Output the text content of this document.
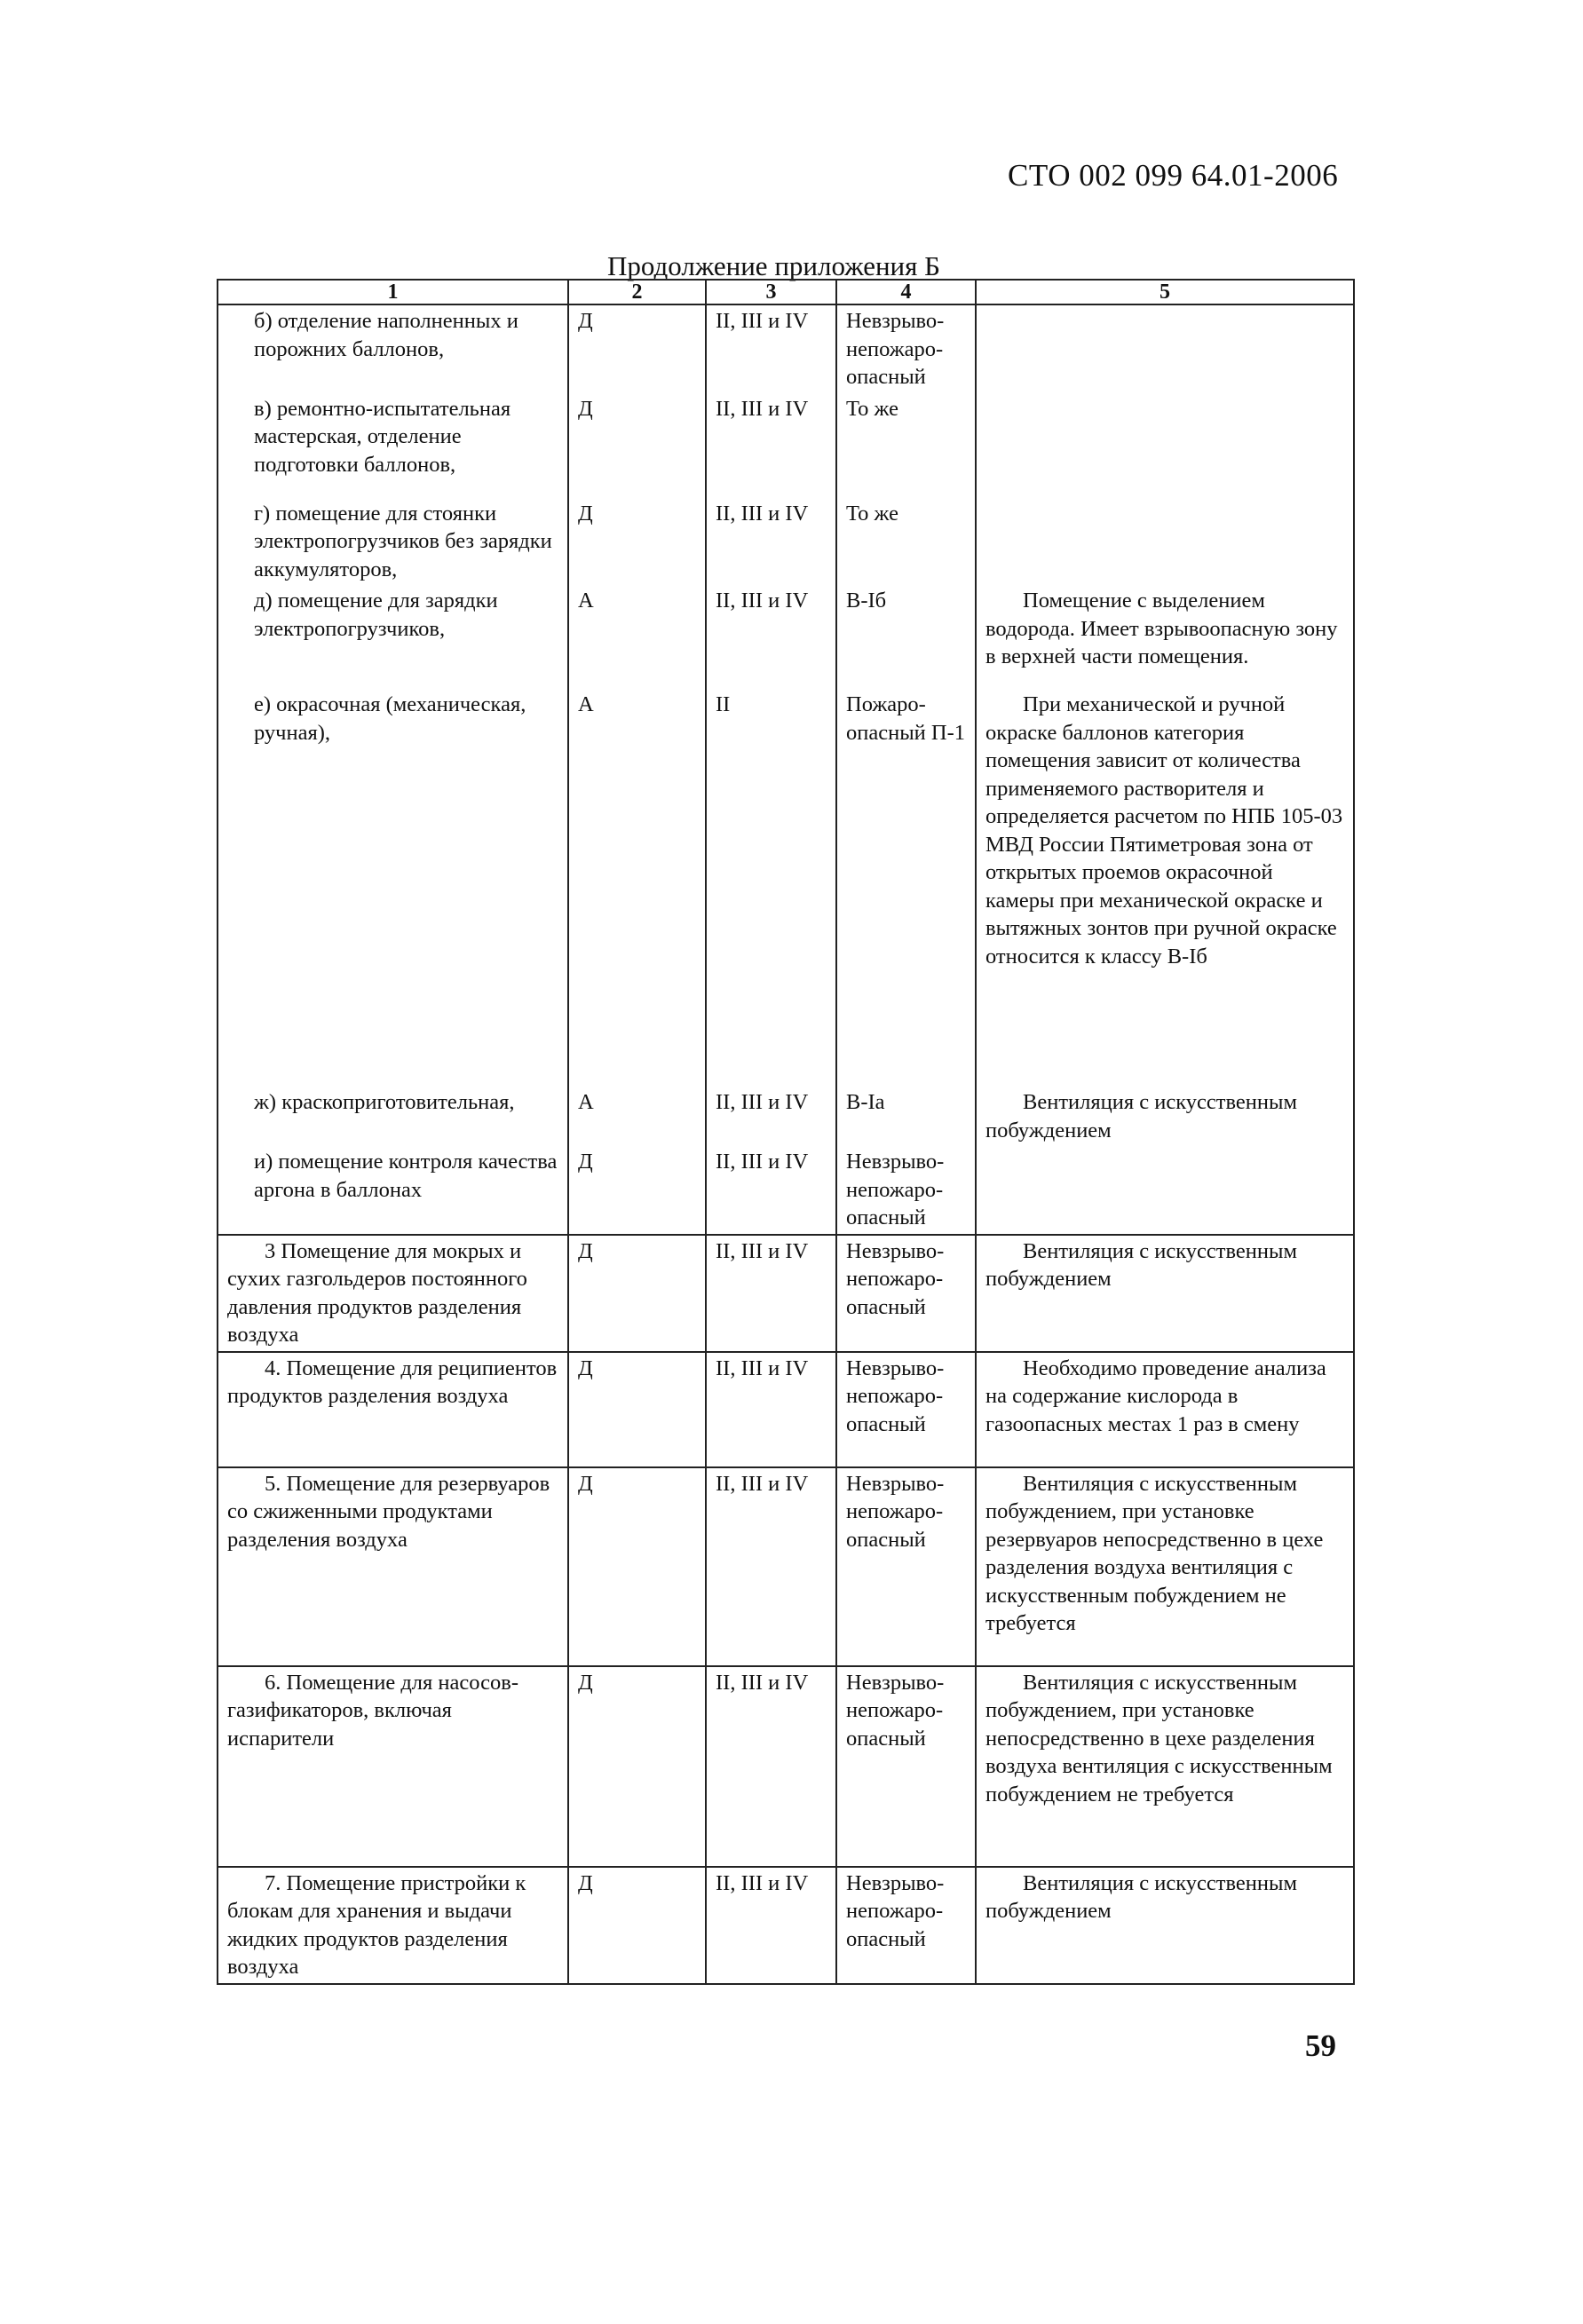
СТО 002 099 64.01-2006
Продолжение приложения Б
1	2	3	4	5
б) отделение наполненных и порожних баллонов,	Д	II, III и IV	Невзрыво-непожаро-опасный	
в) ремонтно-испытательная мастерская, отделение подготовки баллонов,	Д	II, III и IV	То же	
г) помещение для стоянки электропогрузчиков без зарядки аккумуляторов,	Д	II, III и IV	То же	
д) помещение для зарядки электропогрузчиков,	А	II, III и IV	В-Iб	Помещение с выделением водорода. Имеет взрывоопасную зону в верхней части помещения.
е) окрасочная (механическая, ручная),	А	II	Пожаро-опасный П-1	При механической и ручной окраске баллонов категория помещения зависит от количества применяемого растворителя и определяется расчетом по НПБ 105-03 МВД России Пятиметровая зона от открытых проемов окрасочной камеры при механической окраске и вытяжных зонтов при ручной окраске относится к классу В-Iб
ж) краскоприготовительная,	А	II, III и IV	В-Iа	Вентиляция с искусственным побуждением
и) помещение контроля качества аргона в баллонах	Д	II, III и IV	Невзрыво-непожаро-опасный	
3 Помещение для мокрых и сухих газгольдеров постоянного давления продуктов разделения воздуха	Д	II, III и IV	Невзрыво-непожаро-опасный	Вентиляция с искусственным побуждением
4. Помещение для реципиентов продуктов разделения воздуха	Д	II, III и IV	Невзрыво-непожаро-опасный	Необходимо проведение анализа на содержание кислорода в газоопасных местах 1 раз в смену
5. Помещение для резервуаров со сжиженными продуктами разделения воздуха	Д	II, III и IV	Невзрыво-непожаро-опасный	Вентиляция с искусственным побуждением, при установке резервуаров непосредственно в цехе разделения воздуха вентиляция с искусственным побуждением не требуется
6. Помещение для насосов-газификаторов, включая испарители	Д	II, III и IV	Невзрыво-непожаро-опасный	Вентиляция с искусственным побуждением, при установке непосредственно в цехе разделения воздуха вентиляция с искусственным побуждением не требуется
7. Помещение пристройки к блокам для хранения и выдачи жидких продуктов разделения воздуха	Д	II, III и IV	Невзрыво-непожаро-опасный	Вентиляция с искусственным побуждением
59
